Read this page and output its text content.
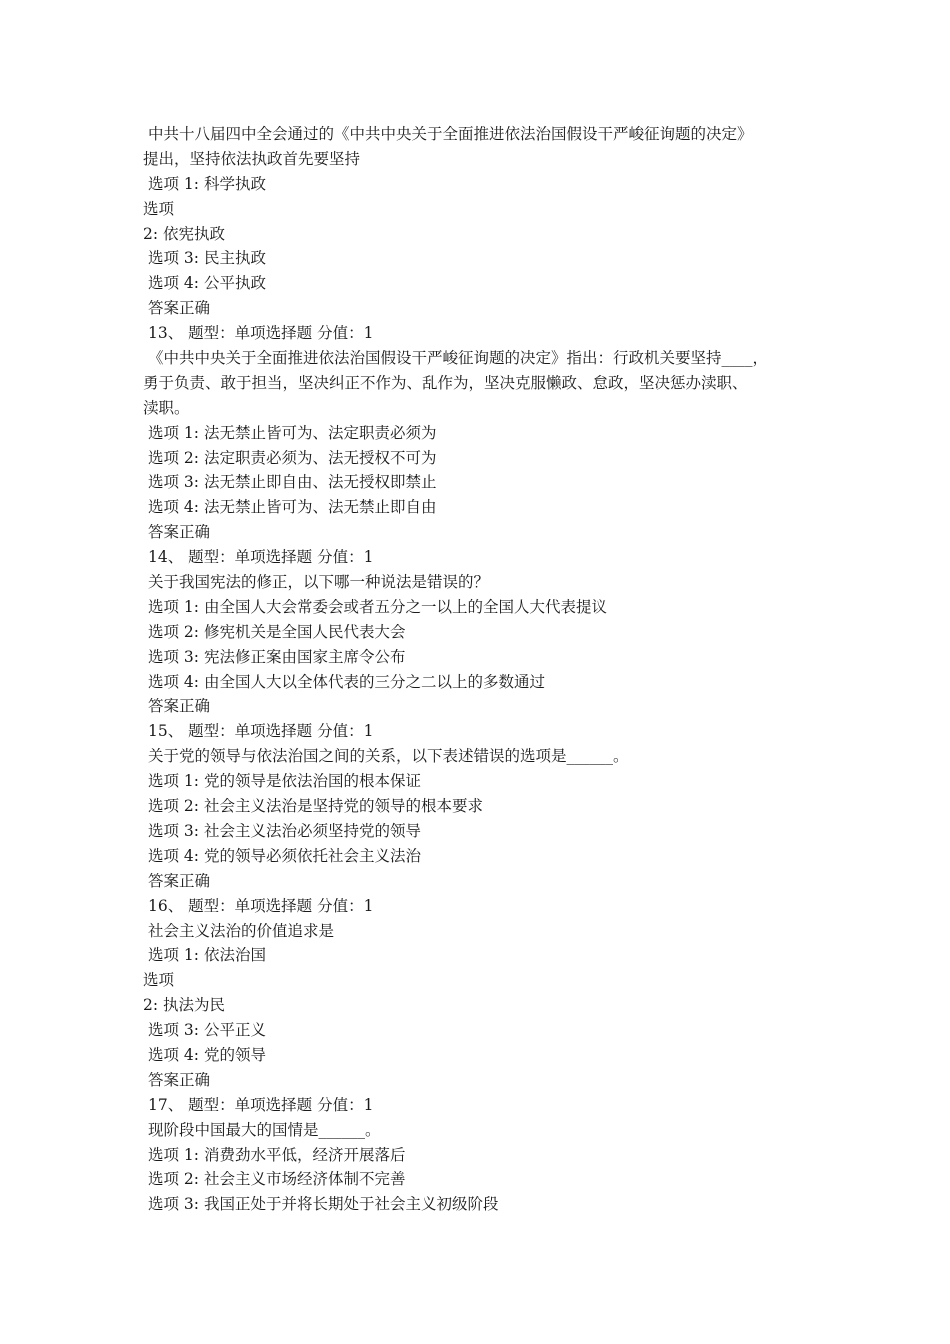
中共十八届四中全会通过的《中共中央关于全面推进依法治国假设干严峻征询题的决定》
提出，坚持依法执政首先要坚持
选项 1: 科学执政
选项
2: 依宪执政
选项 3: 民主执政
选项 4: 公平执政
答案正确
13、 题型：单项选择题 分值：1
《中共中央关于全面推进依法治国假设干严峻征询题的决定》指出：行政机关要坚持____，
勇于负责、敢于担当，坚决纠正不作为、乱作为，坚决克服懒政、怠政，坚决惩办渎职、
渎职。
选项 1: 法无禁止皆可为、法定职责必须为
选项 2: 法定职责必须为、法无授权不可为
选项 3: 法无禁止即自由、法无授权即禁止
选项 4: 法无禁止皆可为、法无禁止即自由
答案正确
14、 题型：单项选择题 分值：1
关于我国宪法的修正，以下哪一种说法是错误的？
选项 1: 由全国人大会常委会或者五分之一以上的全国人大代表提议
选项 2: 修宪机关是全国人民代表大会
选项 3: 宪法修正案由国家主席令公布
选项 4: 由全国人大以全体代表的三分之二以上的多数通过
答案正确
15、 题型：单项选择题 分值：1
关于党的领导与依法治国之间的关系，以下表述错误的选项是______。
选项 1: 党的领导是依法治国的根本保证
选项 2: 社会主义法治是坚持党的领导的根本要求
选项 3: 社会主义法治必须坚持党的领导
选项 4: 党的领导必须依托社会主义法治
答案正确
16、 题型：单项选择题 分值：1
社会主义法治的价值追求是
选项 1: 依法治国
选项
2: 执法为民
选项 3: 公平正义
选项 4: 党的领导
答案正确
17、 题型：单项选择题 分值：1
现阶段中国最大的国情是______。
选项 1: 消费劲水平低，经济开展落后
选项 2: 社会主义市场经济体制不完善
选项 3: 我国正处于并将长期处于社会主义初级阶段
